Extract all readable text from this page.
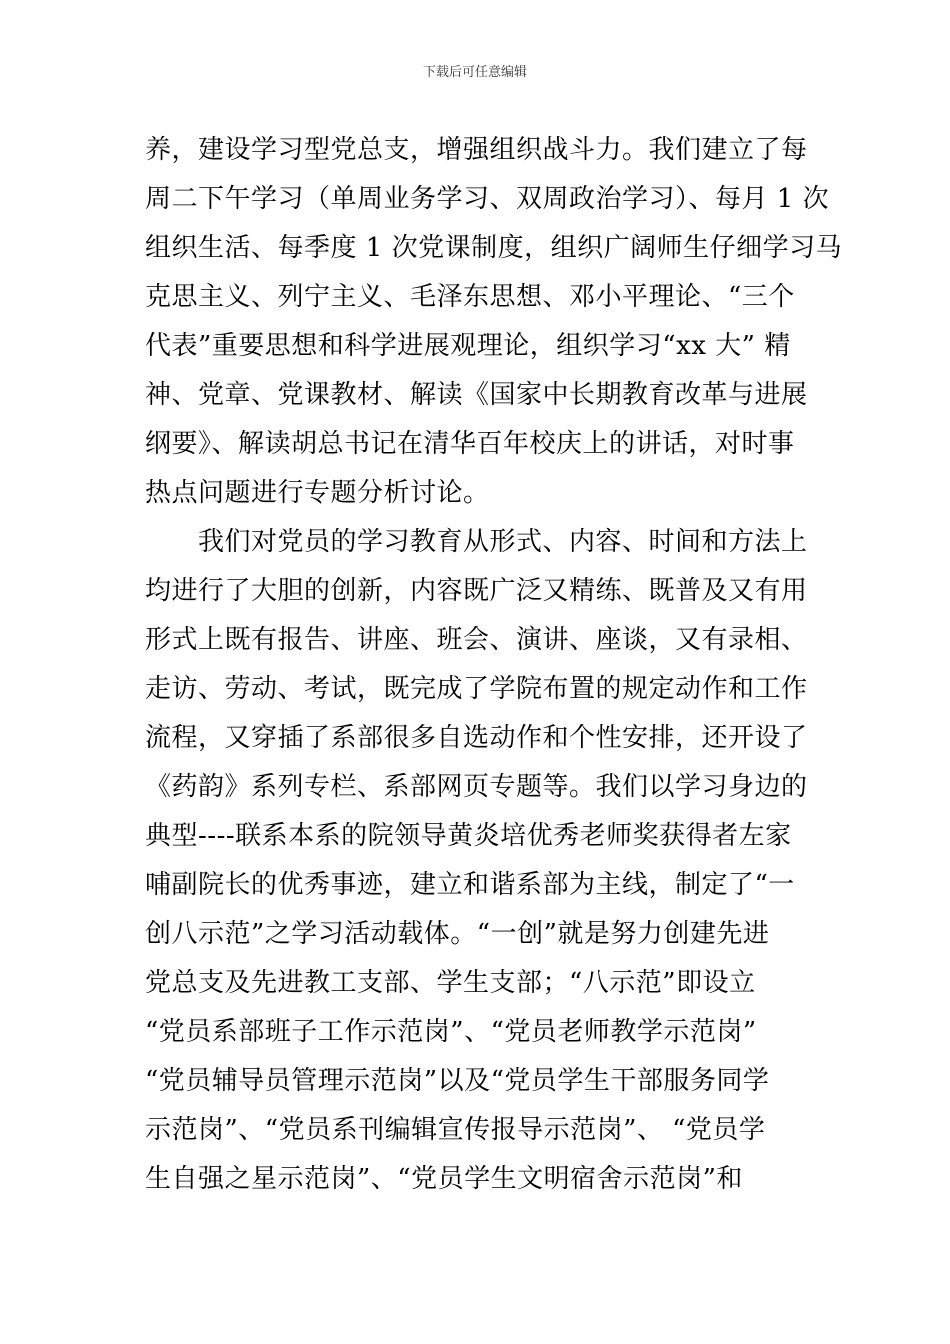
下载后可任意编辑
养，建设学习型党总支，增强组织战斗力。我们建立了每
周二下午学习（单周业务学习、双周政治学习）、每月 1 次
组织生活、每季度 1 次党课制度，组织广阔师生仔细学习马
克思主义、列宁主义、毛泽东思想、邓小平理论、“三个
代表”重要思想和科学进展观理论，组织学习“xx 大” 精
神、党章、党课教材、解读《国家中长期教育改革与进展
纲要》、解读胡总书记在清华百年校庆上的讲话，对时事
热点问题进行专题分析讨论。
　　我们对党员的学习教育从形式、内容、时间和方法上
均进行了大胆的创新，内容既广泛又精练、既普及又有用
形式上既有报告、讲座、班会、演讲、座谈，又有录相、
走访、劳动、考试，既完成了学院布置的规定动作和工作
流程，又穿插了系部很多自选动作和个性安排，还开设了
《药韵》系列专栏、系部网页专题等。我们以学习身边的
典型----联系本系的院领导黄炎培优秀老师奖获得者左家
哺副院长的优秀事迹，建立和谐系部为主线，制定了“一
创八示范”之学习活动载体。“一创”就是努力创建先进
党总支及先进教工支部、学生支部；“八示范”即设立
“党员系部班子工作示范岗”、“党员老师教学示范岗”
“党员辅导员管理示范岗”以及“党员学生干部服务同学
示范岗”、“党员系刊编辑宣传报导示范岗”、 “党员学
生自强之星示范岗”、“党员学生文明宿舍示范岗”和
